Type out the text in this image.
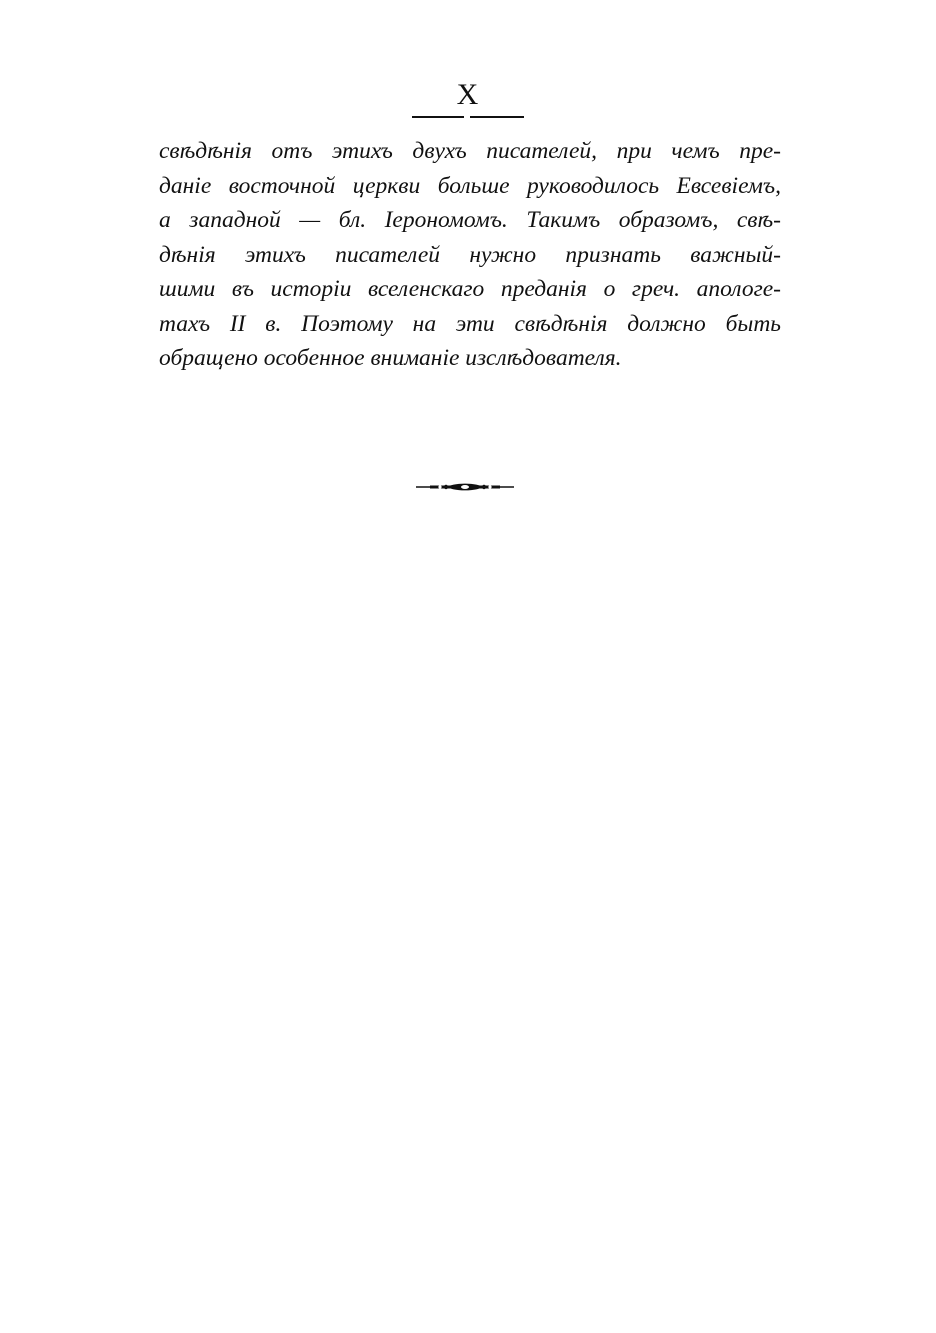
X

свѣдѣнія отъ этихъ двухъ писателей, при чемъ пре-
даніе восточной церкви больше руководилось Евсевіемъ,
а западной — бл. Іерономомъ. Такимъ образомъ, свѣ-
дѣнія этихъ писателей нужно признать важный-
шими въ исторіи вселенскаго преданія о греч. апологе-
тахъ II в. Поэтому на эти свѣдѣнія должно быть
обращено особенное вниманіе изслѣдователя.
